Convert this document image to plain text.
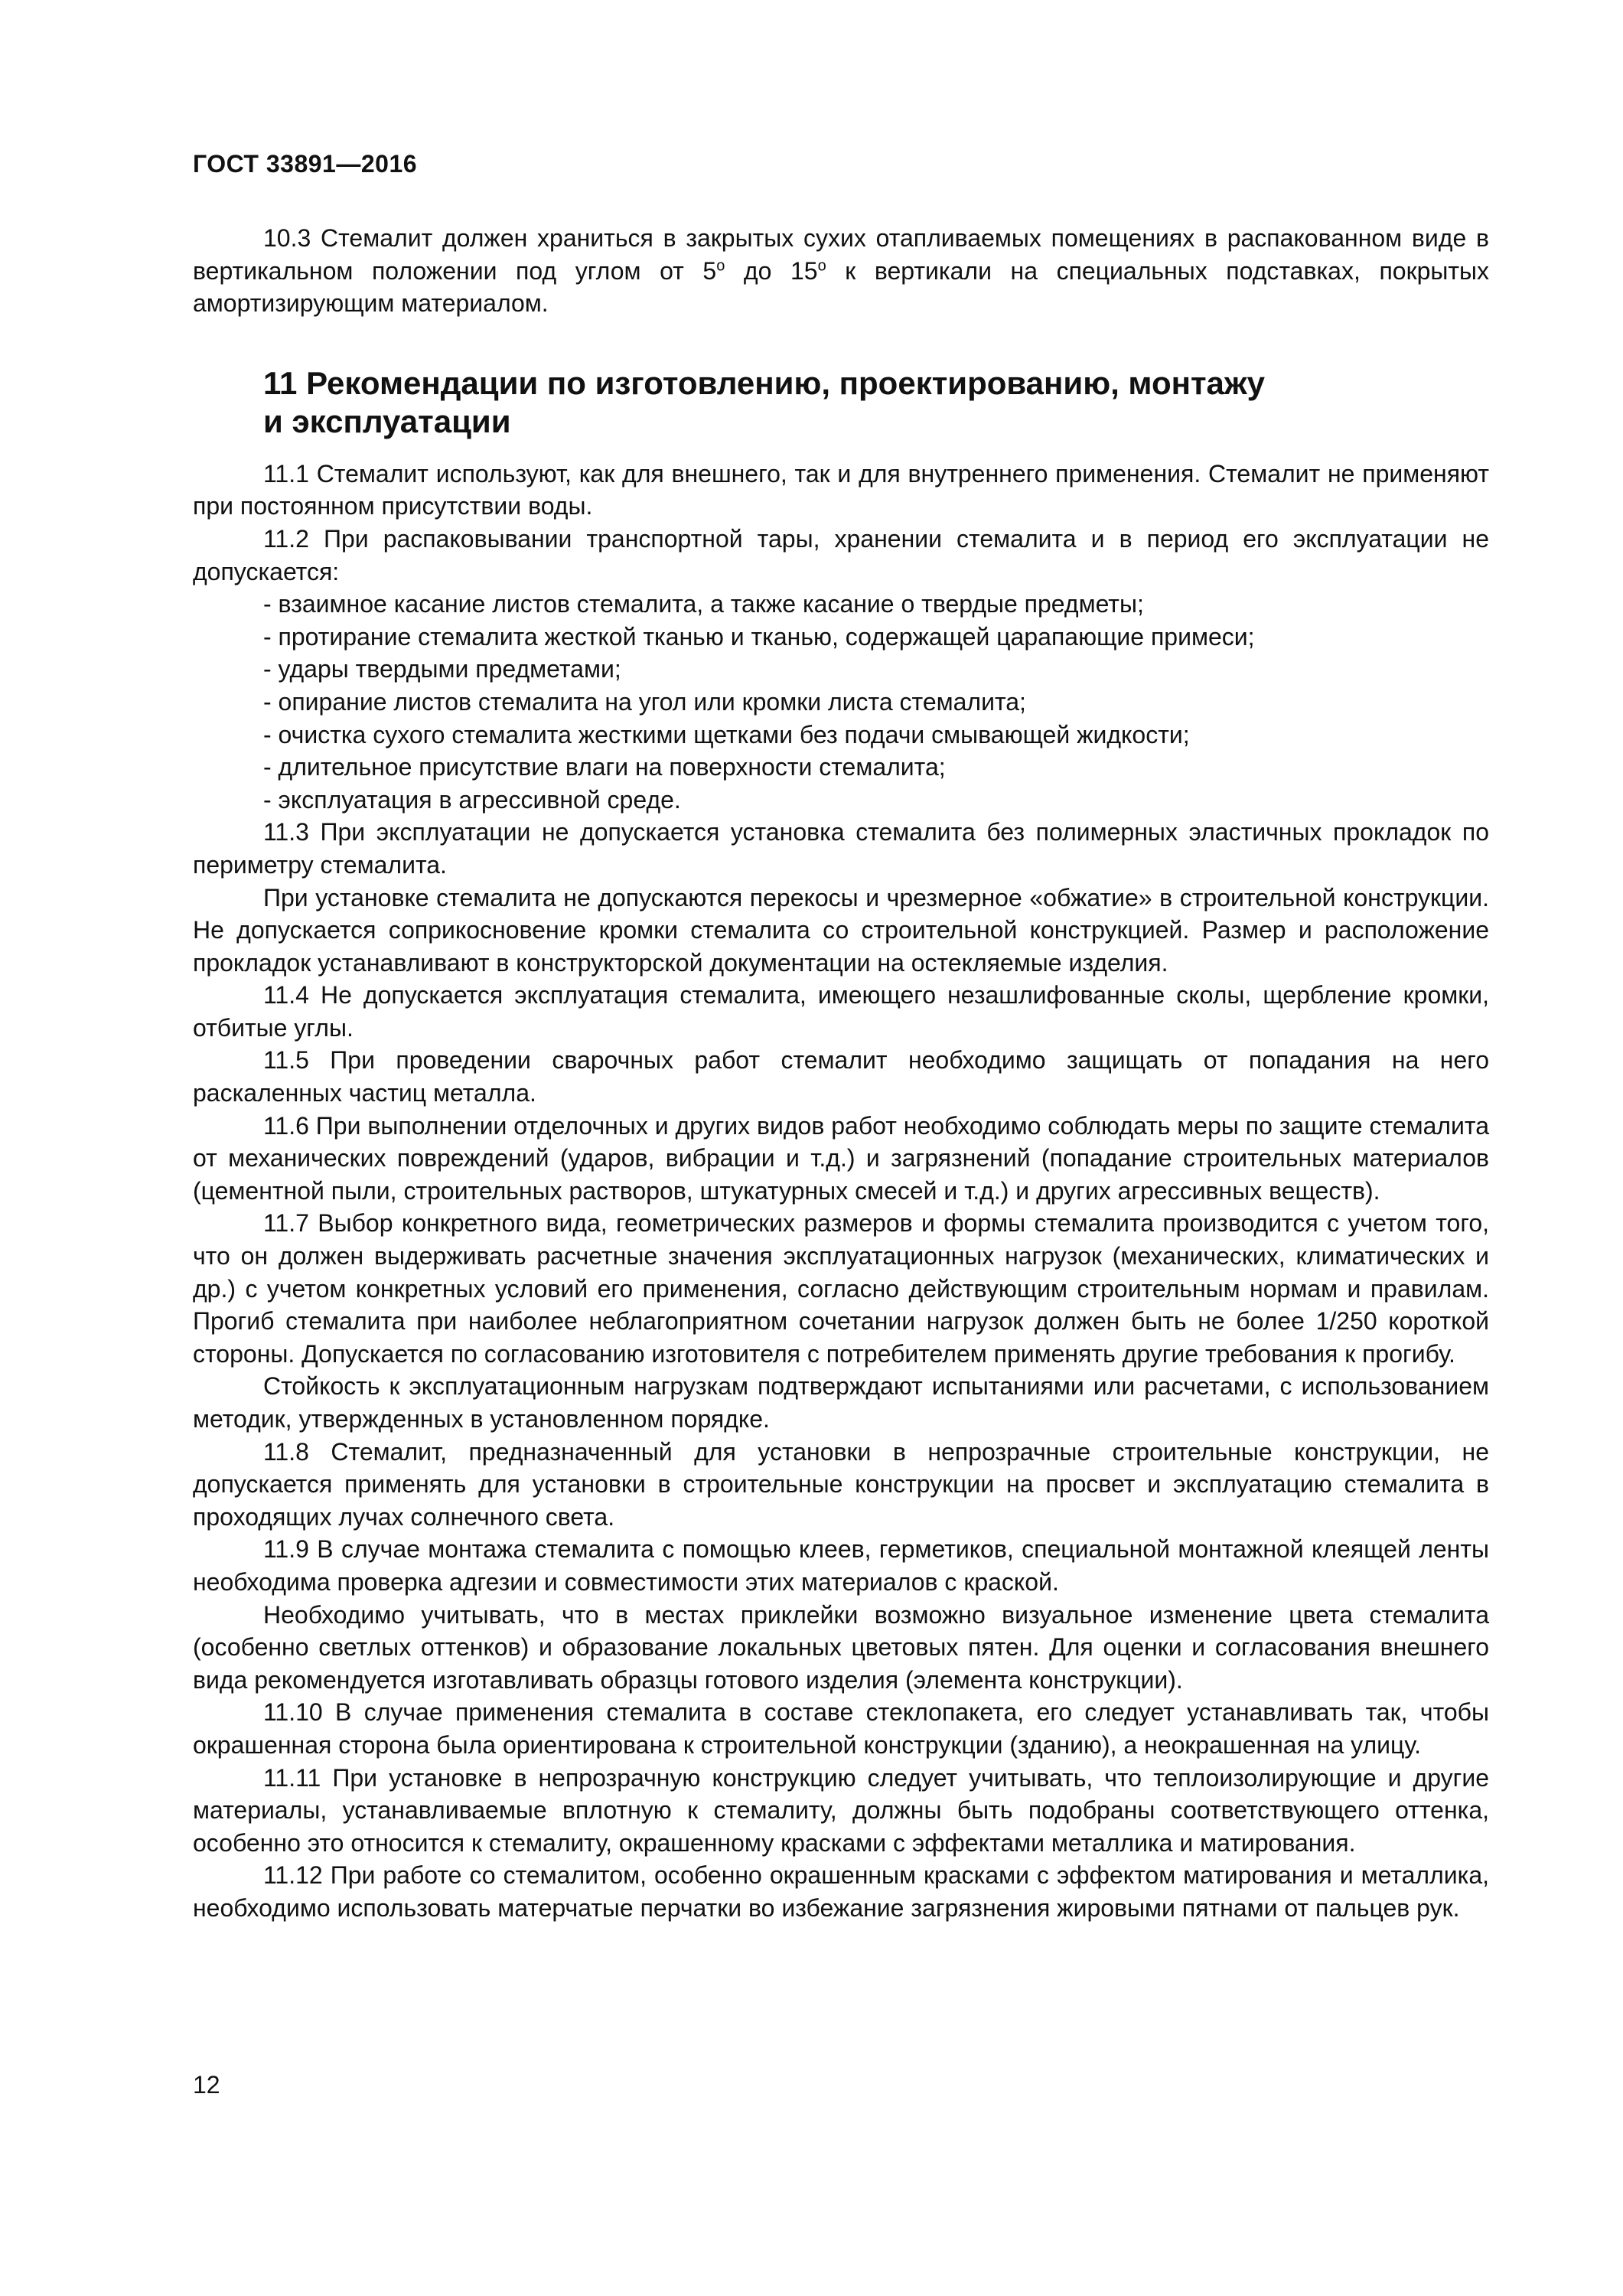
ГОСТ 33891—2016

10.3 Стемалит должен храниться в закрытых сухих отапливаемых помещениях в распакованном виде в вертикальном положении под углом от $5^о$ до $15^о$ к вертикали на специальных подставках, покрытых амортизирующим материалом.

11 Рекомендации по изготовлению, проектированию, монтажу
и эксплуатации

11.1 Стемалит используют, как для внешнего, так и для внутреннего применения. Стемалит не применяют при постоянном присутствии воды.

11.2 При распаковывании транспортной тары, хранении стемалита и в период его эксплуатации не допускается:

- взаимное касание листов стемалита, а также касание о твердые предметы;

- протирание стемалита жесткой тканью и тканью, содержащей царапающие примеси;

- удары твердыми предметами;

- опирание листов стемалита на угол или кромки листа стемалита;

- очистка сухого стемалита жесткими щетками без подачи смывающей жидкости;

- длительное присутствие влаги на поверхности стемалита;

- эксплуатация в агрессивной среде.

11.3 При эксплуатации не допускается установка стемалита без полимерных эластичных прокладок по периметру стемалита.

При установке стемалита не допускаются перекосы и чрезмерное «обжатие» в строительной конструкции. Не допускается соприкосновение кромки стемалита со строительной конструкцией. Размер и расположение прокладок устанавливают в конструкторской документации на остекляемые изделия.

11.4 Не допускается эксплуатация стемалита, имеющего незашлифованные сколы, щербление кромки, отбитые углы.

11.5 При проведении сварочных работ стемалит необходимо защищать от попадания на него раскаленных частиц металла.

11.6 При выполнении отделочных и других видов работ необходимо соблюдать меры по защите стемалита от механических повреждений (ударов, вибрации и т.д.) и загрязнений (попадание строительных материалов (цементной пыли, строительных растворов, штукатурных смесей и т.д.) и других агрессивных веществ).

11.7 Выбор конкретного вида, геометрических размеров и формы стемалита производится с учетом того, что он должен выдерживать расчетные значения эксплуатационных нагрузок (механических, климатических и др.) с учетом конкретных условий его применения, согласно действующим строительным нормам и правилам. Прогиб стемалита при наиболее неблагоприятном сочетании нагрузок должен быть не более 1/250 короткой стороны. Допускается по согласованию изготовителя с потребителем применять другие требования к прогибу.

Стойкость к эксплуатационным нагрузкам подтверждают испытаниями или расчетами, с использованием методик, утвержденных в установленном порядке.

11.8 Стемалит, предназначенный для установки в непрозрачные строительные конструкции, не допускается применять для установки в строительные конструкции на просвет и эксплуатацию стемалита в проходящих лучах солнечного света.

11.9 В случае монтажа стемалита с помощью клеев, герметиков, специальной монтажной клеящей ленты необходима проверка адгезии и совместимости этих материалов с краской.

Необходимо учитывать, что в местах приклейки возможно визуальное изменение цвета стемалита (особенно светлых оттенков) и образование локальных цветовых пятен. Для оценки и согласования внешнего вида рекомендуется изготавливать образцы готового изделия (элемента конструкции).

11.10 В случае применения стемалита в составе стеклопакета, его следует устанавливать так, чтобы окрашенная сторона была ориентирована к строительной конструкции (зданию), а неокрашенная на улицу.

11.11 При установке в непрозрачную конструкцию следует учитывать, что теплоизолирующие и другие материалы, устанавливаемые вплотную к стемалиту, должны быть подобраны соответствующего оттенка, особенно это относится к стемалиту, окрашенному красками с эффектами металлика и матирования.

11.12 При работе со стемалитом, особенно окрашенным красками с эффектом матирования и металлика, необходимо использовать матерчатые перчатки во избежание загрязнения жировыми пятнами от пальцев рук.

12
